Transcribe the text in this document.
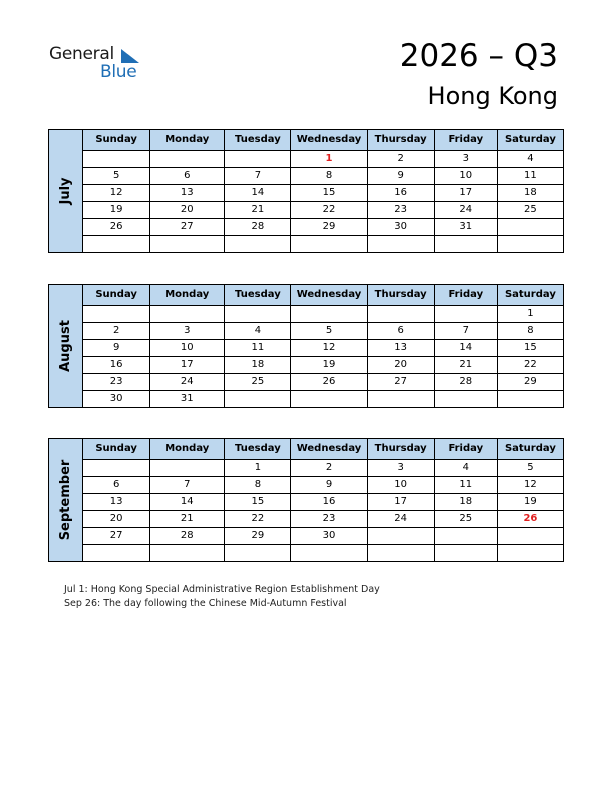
General
Blue	2026 – Q3
Hong Kong
July	Sunday	Monday	Tuesday	Wednesday	Thursday	Friday	Saturday
				1	2	3	4
	5	6	7	8	9	10	11
	12	13	14	15	16	17	18
	19	20	21	22	23	24	25
	26	27	28	29	30	31	

August	Sunday	Monday	Tuesday	Wednesday	Thursday	Friday	Saturday
							1
	2	3	4	5	6	7	8
	9	10	11	12	13	14	15
	16	17	18	19	20	21	22
	23	24	25	26	27	28	29
	30	31					
September	Sunday	Monday	Tuesday	Wednesday	Thursday	Friday	Saturday
			1	2	3	4	5
	6	7	8	9	10	11	12
	13	14	15	16	17	18	19
	20	21	22	23	24	25	26
	27	28	29	30			

Jul 1: Hong Kong Special Administrative Region Establishment Day
Sep 26: The day following the Chinese Mid-Autumn Festival
